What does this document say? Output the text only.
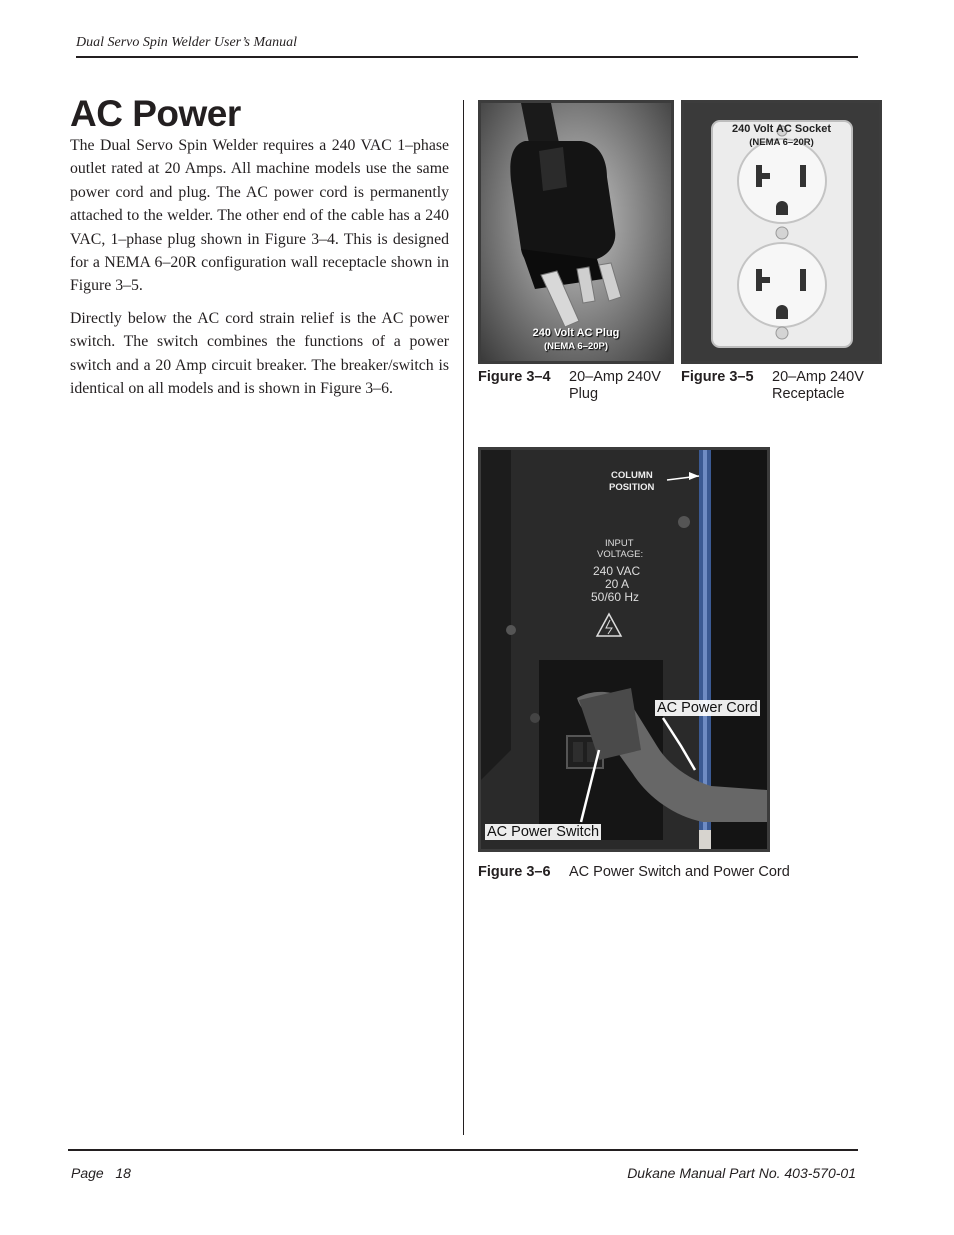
Dual Servo Spin Welder User’s Manual
AC Power

The Dual Servo Spin Welder requires a 240 VAC 1–phase outlet rated at 20 Amps. All machine models use the same power cord and plug. The AC power cord is permanently attached to the welder. The other end of the cable has a 240 VAC, 1–phase plug shown in Figure 3–4. This is designed for a NEMA 6–20R configuration wall receptacle shown in Figure 3–5.

Directly below the AC cord strain relief is the AC power switch. The switch combines the functions of a power switch and a 20 Amp circuit breaker. The breaker/switch is identical on all models and is shown in Figure 3–6.

240 Volt AC Plug
(NEMA 6–20P)
Figure 3–4 20–Amp 240V
Plug
240 Volt AC Socket
(NEMA 6–20R)
Figure 3–5 20–Amp 240V
Receptacle
COLUMN
POSITION
INPUT
VOLTAGE:
240 VAC
20 A
50/60 Hz
AC Power Cord
AC Power Switch
Figure 3–6 AC Power Switch and Power Cord
Page   18	Dukane Manual Part No. 403-570-01
